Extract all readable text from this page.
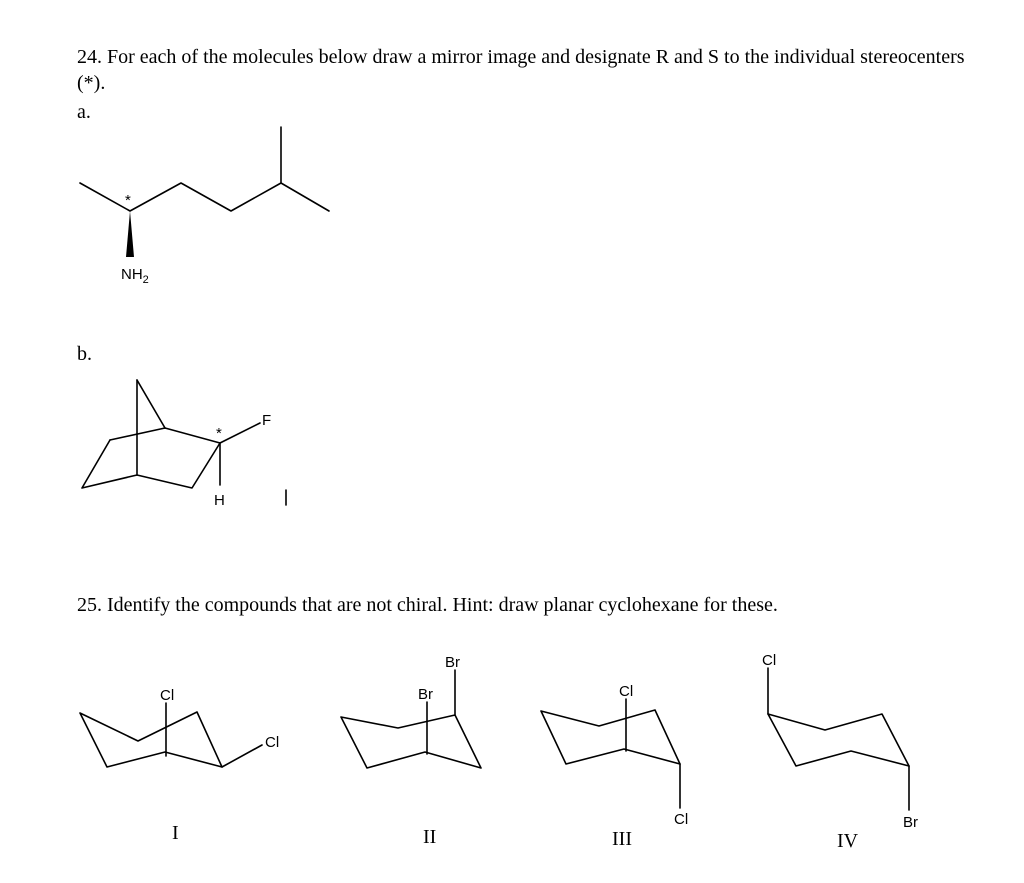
24. For each of the molecules below draw a mirror image and designate R and S to the individual stereocenters (*).
a.
b.
25. Identify the compounds that are not chiral. Hint: draw planar cyclohexane for these.
I	II	III	IV
*
$NH_2$
*
F
H
Cl
Cl
Br
Br	Cl
Cl
Cl
Br
